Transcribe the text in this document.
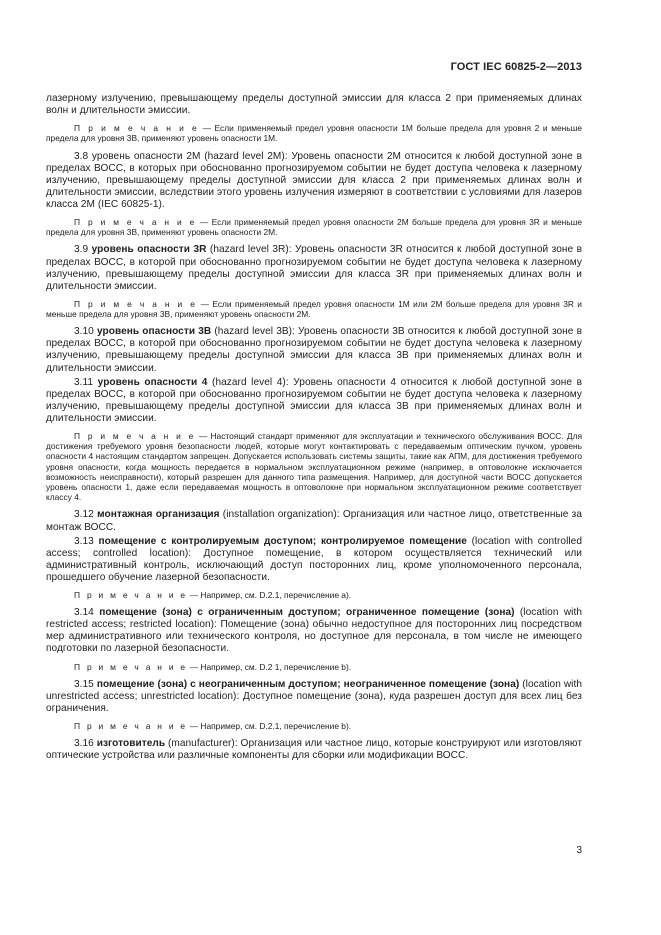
ГОСТ IEC 60825-2—2013

лазерному излучению, превышающему пределы доступной эмиссии для класса 2 при применяемых длинах волн и длительности эмиссии.

П р и м е ч а н и е — Если применяемый предел уровня опасности 1M больше предела для уровня 2 и меньше предела для уровня 3B, применяют уровень опасности 1M.

3.8 уровень опасности 2M (hazard level 2M): Уровень опасности 2M относится к любой доступной зоне в пределах ВОСС, в которых при обоснованно прогнозируемом событии не будет доступа человека к лазерному излучению, превышающему пределы доступной эмиссии для класса 2 при применяемых длинах волн и длительности эмиссии, вследствии этого уровень излучения измеряют в соответствии с условиями для лазеров класса 2M (IEC 60825-1).

П р и м е ч а н и е — Если применяемый предел уровня опасности 2M больше предела для уровня 3R и меньше предела для уровня 3B, применяют уровень опасности 2M.

3.9 уровень опасности 3R (hazard level 3R): Уровень опасности 3R относится к любой доступной зоне в пределах ВОСС, в которой при обоснованно прогнозируемом событии не будет доступа человека к лазерному излучению, превышающему пределы доступной эмиссии для класса 3R при применяемых длинах волн и длительности эмиссии.

П р и м е ч а н и е — Если применяемый предел уровня опасности 1M или 2M больше предела для уровня 3R и меньше предела для уровня 3B, применяют уровень опасности 2M.

3.10 уровень опасности 3B (hazard level 3B): Уровень опасности 3B относится к любой доступной зоне в пределах ВОСС, в которой при обоснованно прогнозируемом событии не будет доступа человека к лазерному излучению, превышающему пределы доступной эмиссии для класса 3B при применяемых длинах волн и длительности эмиссии.

3.11 уровень опасности 4 (hazard level 4): Уровень опасности 4 относится к любой доступной зоне в пределах ВОСС, в которой при обоснованно прогнозируемом событии не будет доступа человека к лазерному излучению, превышающему пределы доступной эмиссии для класса 3B при применяемых длинах волн и длительности эмиссии.

П р и м е ч а н и е — Настоящий стандарт применяют для эксплуатации и технического обслуживания ВОСС. Для достижения требуемого уровня безопасности людей, которые могут контактировать с передаваемым оптическим пучком, уровень опасности 4 настоящим стандартом запрещен. Допускается использовать системы защиты, такие как АПМ, для достижения требуемого уровня опасности, когда мощность передается в нормальном эксплуатационном режиме (например, в оптоволокне исключается возможность неисправности), который разрешен для данного типа размещения. Например, для доступной части ВОСС допускается уровень опасности 1, даже если передаваемая мощность в оптоволокне при нормальном эксплуатационном режиме соответствует классу 4.

3.12 монтажная организация (installation organization): Организация или частное лицо, ответственные за монтаж ВОСС.

3.13 помещение с контролируемым доступом; контролируемое помещение (location with controlled access; controlled location): Доступное помещение, в котором осуществляется технический или административный контроль, исключающий доступ посторонних лиц, кроме уполномоченного персонала, прошедшего обучение лазерной безопасности.

П р и м е ч а н и е — Например, см. D.2.1, перечисление а).

3.14 помещение (зона) с ограниченным доступом; ограниченное помещение (зона) (location with restricted access; restricted location): Помещение (зона) обычно недоступное для посторонних лиц посредством мер административного или технического контроля, но доступное для персонала, в том числе не имеющего подготовки по лазерной безопасности.

П р и м е ч а н и е — Например, см. D.2 1, перечисление b).

3.15 помещение (зона) с неограниченным доступом; неограниченное помещение (зона) (location with unrestricted access; unrestricted location): Доступное помещение (зона), куда разрешен доступ для всех лиц без ограничения.

П р и м е ч а н и е — Например, см. D.2.1, перечисление b).

3.16 изготовитель (manufacturer): Организация или частное лицо, которые конструируют или изготовляют оптические устройства или различные компоненты для сборки или модификации ВОСС.

3
